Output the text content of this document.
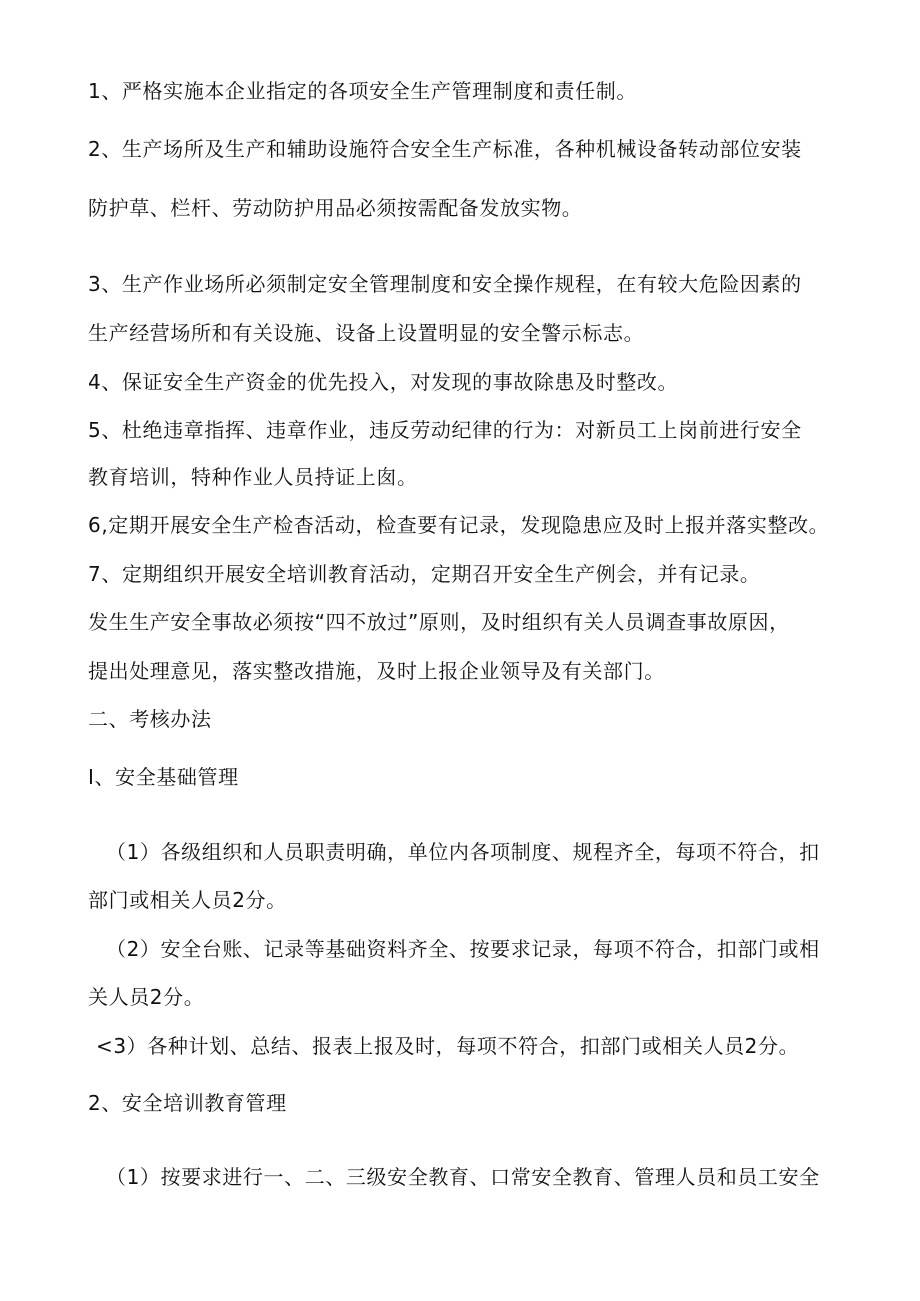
1、严格实施本企业指定的各项安全生产管理制度和责任制。
2、生产场所及生产和辅助设施符合安全生产标准，各种机械设备转动部位安装
防护草、栏杆、劳动防护用品必须按需配备发放实物。
3、生产作业场所必须制定安全管理制度和安全操作规程，在有较大危险因素的
生产经营场所和有关设施、设备上设置明显的安全警示标志。
4、保证安全生产资金的优先投入，对发现的事故除患及时整改。
5、杜绝违章指挥、违章作业，违反劳动纪律的行为：对新员工上岗前进行安全
教育培训，特种作业人员持证上囱。
6,定期开展安全生产检杳活动，检查要有记录，发现隐患应及时上报并落实整改。
7、定期组织开展安全培训教育活动，定期召开安全生产例会，并有记录。
发生生产安全事故必须按“四不放过”原则，及时组织有关人员调查事故原因，
提出处理意见，落实整改措施，及时上报企业领导及有关部门。
二、考核办法
I、安全基础管理
（1）各级组织和人员职责明确，单位内各项制度、规程齐全，每项不符合，扣
部门或相关人员2分。
（2）安全台账、记录等基础资料齐全、按要求记录，每项不符合，扣部门或相
关人员2分。
<3）各种计划、总结、报表上报及时，每项不符合，扣部门或相关人员2分。
2、安全培训教育管理
（1）按要求进行一、二、三级安全教育、口常安全教育、管理人员和员工安全
